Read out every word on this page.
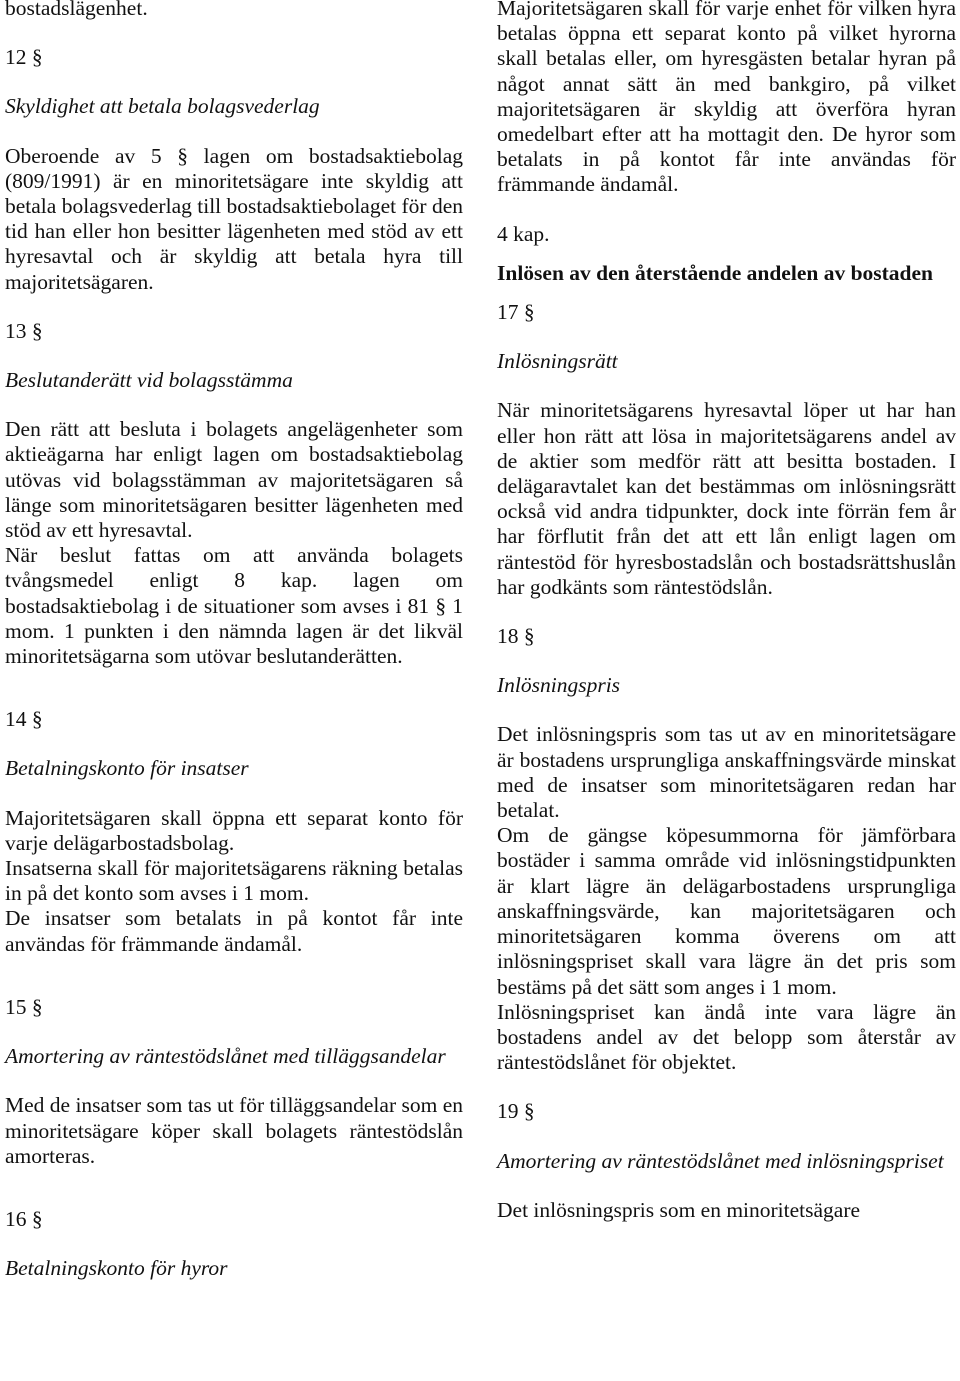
bostadslägenhet.

12 §

Skyldighet att betala bolagsvederlag

Oberoende av 5 § lagen om bostadsaktiebolag (809/1991) är en minoritetsägare inte skyldig att betala bolagsvederlag till bostadsaktiebolaget för den tid han eller hon besitter lägenheten med stöd av ett hyresavtal och är skyldig att betala hyra till majoritetsägaren.

13 §

Beslutanderätt vid bolagsstämma

Den rätt att besluta i bolagets angelägenheter som aktieägarna har enligt lagen om bostadsaktiebolag utövas vid bolagsstämman av majoritetsägaren så länge som minoritetsägaren besitter lägenheten med stöd av ett hyresavtal.

När beslut fattas om att använda bolagets tvångsmedel enligt 8 kap. lagen om bostadsaktiebolag i de situationer som avses i 81 § 1 mom. 1 punkten i den nämnda lagen är det likväl minoritetsägarna som utövar beslutanderätten.

14 §

Betalningskonto för insatser

Majoritetsägaren skall öppna ett separat konto för varje delägarbostadsbolag.

Insatserna skall för majoritetsägarens räkning betalas in på det konto som avses i 1 mom.

De insatser som betalats in på kontot får inte användas för främmande ändamål.

15 §

Amortering av räntestödslånet med tilläggsandelar

Med de insatser som tas ut för tilläggsandelar som en minoritetsägare köper skall bolagets räntestödslån amorteras.

16 §

Betalningskonto för hyror

Majoritetsägaren skall för varje enhet för vilken hyra betalas öppna ett separat konto på vilket hyrorna skall betalas eller, om hyresgästen betalar hyran på något annat sätt än med bankgiro, på vilket majoritetsägaren är skyldig att överföra hyran omedelbart efter att ha mottagit den. De hyror som betalats in på kontot får inte användas för främmande ändamål.

4 kap.

Inlösen av den återstående andelen av bostaden

17 §

Inlösningsrätt

När minoritetsägarens hyresavtal löper ut har han eller hon rätt att lösa in majoritetsägarens andel av de aktier som medför rätt att besitta bostaden. I delägaravtalet kan det bestämmas om inlösningsrätt också vid andra tidpunkter, dock inte förrän fem år har förflutit från det att ett lån enligt lagen om räntestöd för hyresbostadslån och bostadsrättshuslån har godkänts som räntestödslån.

18 §

Inlösningspris

Det inlösningspris som tas ut av en minoritetsägare är bostadens ursprungliga anskaffningsvärde minskat med de insatser som minoritetsägaren redan har betalat.

Om de gängse köpesummorna för jämförbara bostäder i samma område vid inlösningstidpunkten är klart lägre än delägarbostadens ursprungliga anskaffningsvärde, kan majoritetsägaren och minoritetsägaren komma överens om att inlösningspriset skall vara lägre än det pris som bestäms på det sätt som anges i 1 mom.

Inlösningspriset kan ändå inte vara lägre än bostadens andel av det belopp som återstår av räntestödslånet för objektet.

19 §

Amortering av räntestödslånet med inlösningspriset

Det inlösningspris som en minoritetsägare
